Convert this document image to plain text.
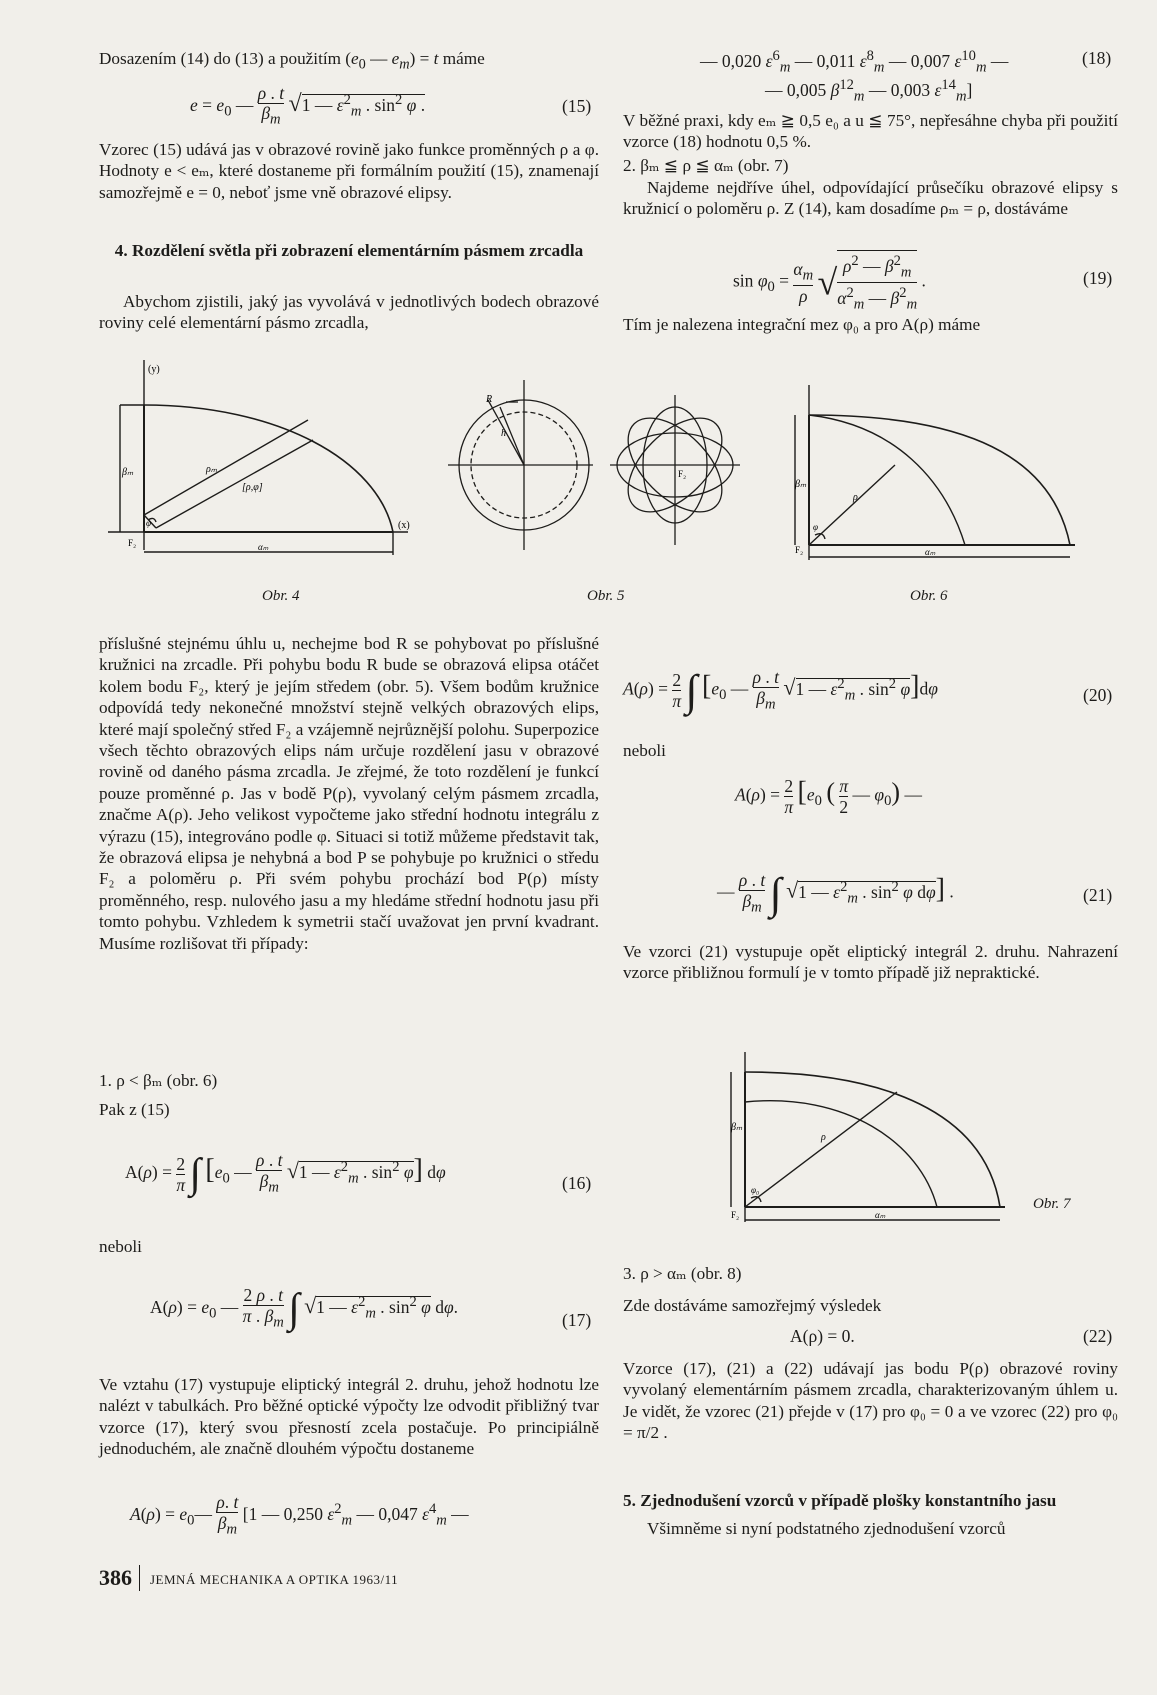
Dosazením (14) do (13) a použitím ($e_0$ — $e_m) = t$ máme

$e = e_0$ — $\frac{\rho . t}{\beta_m} √1$ — $\varepsilon^2_m$ . $\sin^2 \varphi$ .	(15)

Vzorec (15) udává jas v obrazové rovině jako funkce proměnných ρ a φ. Hodnoty e < eₘ, které dostaneme při formálním použití (15), znamenají samozřejmě e = 0, neboť jsme vně obrazové elipsy.

4. Rozdělení světla při zobrazení elementárním pásmem zrcadla

Abychom zjistili, jaký jas vyvolává v jednotlivých bodech obrazové roviny celé elementární pásmo zrcadla,

(y)
(x)
βₘ	ρₘ
[ρ,φ]
φ
F₂	αₘ
Obr. 4
R
h
Obr. 5
F₂
βₘ
ρ
φ
F₂	αₘ
Obr. 6

příslušné stejnému úhlu u, nechejme bod R se pohybovat po příslušné kružnici na zrcadle. Při pohybu bodu R bude se obrazová elipsa otáčet kolem bodu F₂, který je jejím středem (obr. 5). Všem bodům kružnice odpovídá tedy nekonečné množství stejně velkých obrazových elips, které mají společný střed F₂ a vzájemně nejrůznější polohu. Superpozice všech těchto obrazových elips nám určuje rozdělení jasu v obrazové rovině od daného pásma zrcadla. Je zřejmé, že toto rozdělení je funkcí pouze proměnné ρ. Jas v bodě P(ρ), vyvolaný celým pásmem zrcadla, značme A(ρ). Jeho velikost vypočteme jako střední hodnotu integrálu z výrazu (15), integrováno podle φ. Situaci si totiž můžeme představit tak, že obrazová elipsa je nehybná a bod P se pohybuje po kružnici o středu F₂ a poloměru ρ. Při svém pohybu prochází bod P(ρ) místy proměnného, resp. nulového jasu a my hledáme střední hodnotu jasu při tomto pohybu. Vzhledem k symetrii stačí uvažovat jen první kvadrant. Musíme rozlišovat tři případy:

1. ρ < βₘ (obr. 6)

Pak z (15)

$A(\rho) = \frac{2}{\pi}$ ∫ [$e_0$ — $\frac{\rho . t}{\beta_m} √1$ — $\varepsilon^2_m$ . $\sin^2 \varphi$] dφ
(16)

neboli

$A(\rho) = e_0$ — $\frac{2 \rho . t}{\pi . \beta_m}$ ∫ √1 — $\varepsilon^2_m$ . $\sin^2 \varphi$ dφ.
(17)

Ve vztahu (17) vystupuje eliptický integrál 2. druhu, jehož hodnotu lze nalézt v tabulkách. Pro běžné optické výpočty lze odvodit přibližný tvar vzorce (17), který svou přesností zcela postačuje. Po principiálně jednoduchém, ale značně dlouhém výpočtu dostaneme

$A(\rho) = e_0— \frac{\rho. t}{\beta_m} [1$ — 0,250 $\varepsilon^2_m$ — 0,047 $\varepsilon^4_m$ —
— 0,020 $\varepsilon^6_m$ — 0,011 $\varepsilon^8_m$ — 0,007 $\varepsilon^{10}_m$ —	(18)
— 0,005 $\beta^{12}_m$ — 0,003 $\varepsilon^{14}_m$]

V běžné praxi, kdy eₘ ≧ 0,5 e₀ a u ≦ 75°, nepřesáhne chyba při použití vzorce (18) hodnotu 0,5 %.

2. βₘ ≦ ρ ≦ αₘ (obr. 7)

Najdeme nejdříve úhel, odpovídající průsečíku obrazové elipsy s kružnicí o poloměru ρ. Z (14), kam dosadíme ρₘ = ρ, dostáváme

$\sin \varphi_0 = \frac{\alpha_m}{\rho}$ √ $\frac{\rho^2 — \beta^2_m}{\alpha^2_m — \beta^2_m}$ .	(19)

Tím je nalezena integrační mez φ₀ a pro A(ρ) máme

$A(\rho) = \frac{2}{\pi}$ ∫ [$e_0$ — $\frac{\rho . t}{\beta_m} √1$ — $\varepsilon^2_m$ . $\sin^2 \varphi]d\varphi$	(20)

neboli

$A(\rho) = \frac{2}{\pi} [e_0$ ( $\frac{\pi}{2}$ — $\varphi_0$) —
— $\frac{\rho . t}{\beta_m}$ ∫ √1 — $\varepsilon^2_m$ . $\sin^2 \varphi$ dφ] .	(21)

Ve vzorci (21) vystupuje opět eliptický integrál 2. druhu. Nahrazení vzorce přibližnou formulí je v tomto případě již nepraktické.

βₘ
ρ
φ₀
F₂	αₘ
Obr. 7

3. ρ > αₘ (obr. 8)

Zde dostáváme samozřejmý výsledek

A(ρ) = 0.	(22)

Vzorce (17), (21) a (22) udávají jas bodu P(ρ) obrazové roviny vyvolaný elementárním pásmem zrcadla, charakterizovaným úhlem u. Je vidět, že vzorec (21) přejde v (17) pro φ₀ = 0 a ve vzorec (22) pro φ₀ = π/2 .

5. Zjednodušení vzorců v případě plošky konstantního jasu

Všimněme si nyní podstatného zjednodušení vzorců

386 JEMNÁ MECHANIKA A OPTIKA 1963/11
